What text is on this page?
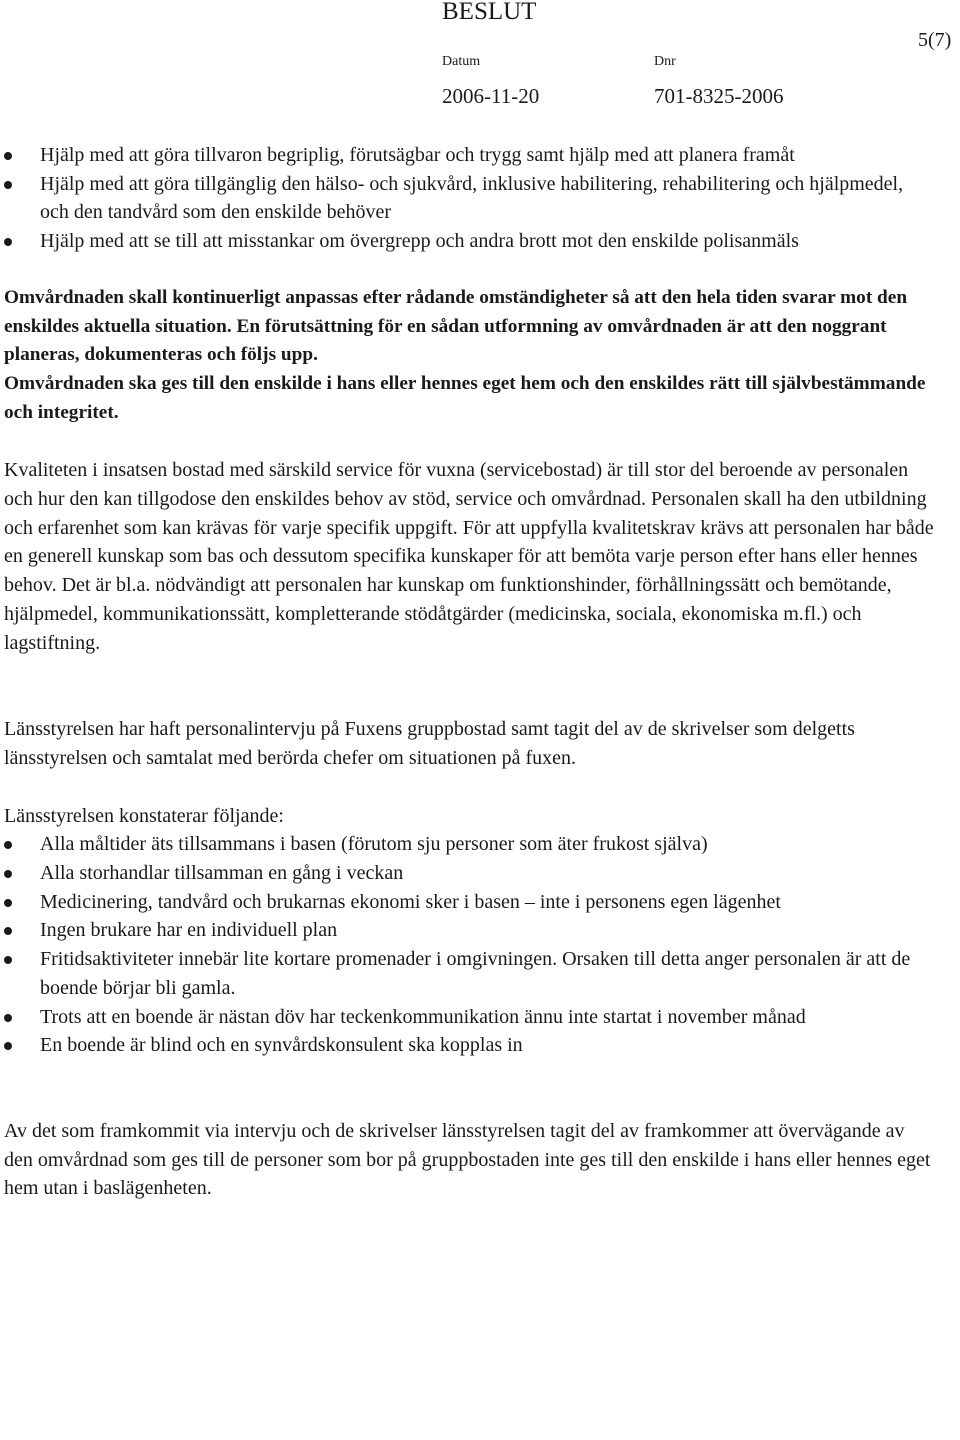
BESLUT
5(7)
Datum	Dnr
2006-11-20	701-8325-2006
Hjälp med att göra tillvaron begriplig, förutsägbar och trygg samt hjälp med att planera framåt
Hjälp med att göra tillgänglig den hälso- och sjukvård, inklusive habilitering, rehabilitering och hjälpmedel, och den tandvård som den enskilde behöver
Hjälp med att se till att misstankar om övergrepp och andra brott mot den enskilde polisanmäls

Omvårdnaden skall kontinuerligt anpassas efter rådande omständigheter så att den hela tiden svarar mot den enskildes aktuella situation. En förutsättning för en sådan utformning av omvårdnaden är att den noggrant planeras, dokumenteras och följs upp.

Omvårdnaden ska ges till den enskilde i hans eller hennes eget hem och den enskildes rätt till självbestämmande och integritet.

Kvaliteten i insatsen bostad med särskild service för vuxna (servicebostad) är till stor del beroende av personalen och hur den kan tillgodose den enskildes behov av stöd, service och omvårdnad. Personalen skall ha den utbildning och erfarenhet som kan krävas för varje specifik uppgift. För att uppfylla kvalitetskrav krävs att personalen har både en generell kunskap som bas och dessutom specifika kunskaper för att bemöta varje person efter hans eller hennes behov. Det är bl.a. nödvändigt att personalen har kunskap om funktionshinder, förhållningssätt och bemötande, hjälpmedel, kommunikationssätt, kompletterande stödåtgärder (medicinska, sociala, ekonomiska m.fl.) och lagstiftning.

Länsstyrelsen har haft personalintervju på Fuxens gruppbostad samt tagit del av de skrivelser som delgetts länsstyrelsen och samtalat med berörda chefer om situationen på fuxen.

Länsstyrelsen konstaterar följande:

Alla måltider äts tillsammans i basen (förutom sju personer som äter frukost själva)
Alla storhandlar tillsamman en gång i veckan
Medicinering, tandvård och brukarnas ekonomi sker i basen – inte i personens egen lägenhet
Ingen brukare har en individuell plan
Fritidsaktiviteter innebär lite kortare promenader i omgivningen. Orsaken till detta anger personalen är att de boende börjar bli gamla.
Trots att en boende är nästan döv har teckenkommunikation ännu inte startat i november månad
En boende är blind och en synvårdskonsulent ska kopplas in

Av det som framkommit via intervju och de skrivelser länsstyrelsen tagit del av framkommer att övervägande av den omvårdnad som ges till de personer som bor på gruppbostaden inte ges till den enskilde i hans eller hennes eget hem utan i baslägenheten.
